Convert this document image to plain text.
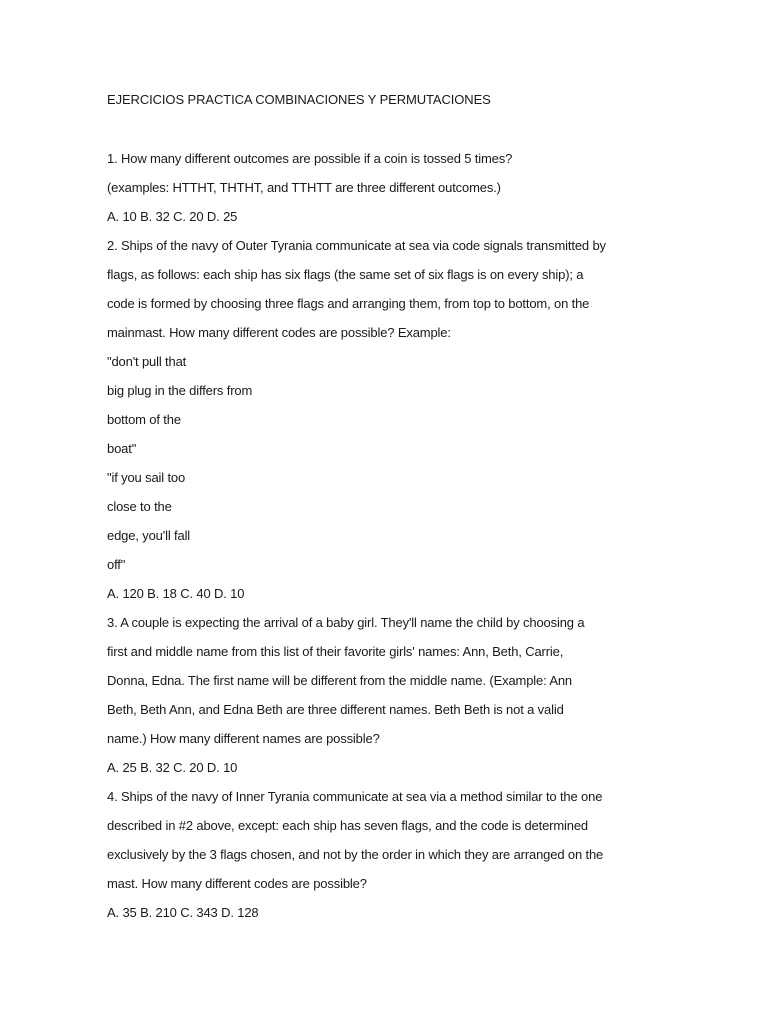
EJERCICIOS PRACTICA COMBINACIONES Y PERMUTACIONES
1. How many different outcomes are possible if a coin is tossed 5 times?
(examples: HTTHT, THTHT, and TTHTT are three different outcomes.)
A. 10 B. 32 C. 20 D. 25
2. Ships of the navy of Outer Tyrania communicate at sea via code signals transmitted by
flags, as follows: each ship has six flags (the same set of six flags is on every ship); a
code is formed by choosing three flags and arranging them, from top to bottom, on the
mainmast. How many different codes are possible? Example:
"don't pull that
big plug in the differs from
bottom of the
boat"
"if you sail too
close to the
edge, you'll fall
off"
A. 120 B. 18 C. 40 D. 10
3. A couple is expecting the arrival of a baby girl. They'll name the child by choosing a
first and middle name from this list of their favorite girls' names: Ann, Beth, Carrie,
Donna, Edna. The first name will be different from the middle name. (Example: Ann
Beth, Beth Ann, and Edna Beth are three different names. Beth Beth is not a valid
name.) How many different names are possible?
A. 25 B. 32 C. 20 D. 10
4. Ships of the navy of Inner Tyrania communicate at sea via a method similar to the one
described in #2 above, except: each ship has seven flags, and the code is determined
exclusively by the 3 flags chosen, and not by the order in which they are arranged on the
mast. How many different codes are possible?
A. 35 B. 210 C. 343 D. 128
